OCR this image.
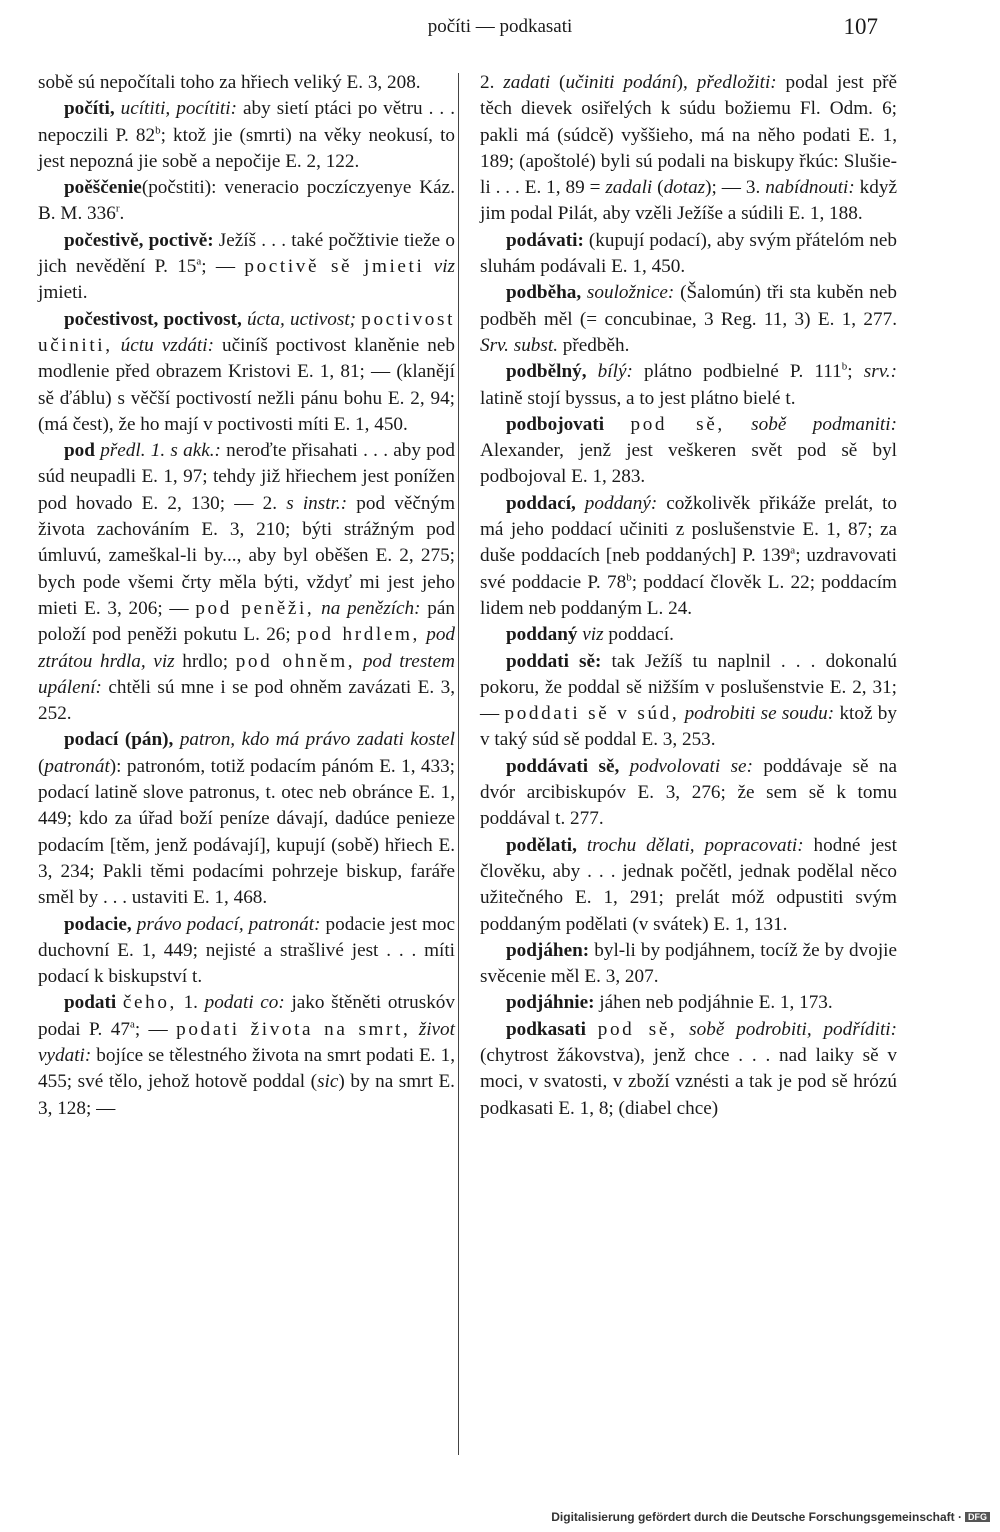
počíti — podkasati	107

sobě sú nepočítali toho za hřiech veliký E. 3, 208.

počíti, ucítiti, pocítiti: aby sietí ptáci po větru . . . nepoczili P. 82$^b$; ktož jie (smrti) na věky neokusí, to jest nepozná jie sobě a nepočije E. 2, 122.

poěščenie(počstiti): veneracio poczíczyenye Káz. B. M. 336$^r$.

počestivě, poctivě: Ježíš . . . také počžtivie tieže o jich nevědění P. 15$^a$; — poctivě sě jmieti viz jmieti.

počestivost, poctivost, úcta, uctivost; poctivost učiniti, úctu vzdáti: učiníš poctivost klaněnie neb modlenie před obrazem Kristovi E. 1, 81; — (klanějí sě ďáblu) s věčší poctivostí nežli pánu bohu E. 2, 94; (má čest), že ho mají v poctivosti míti E. 1, 450.

pod předl. 1. s akk.: neroďte přisahati . . . aby pod súd neupadli E. 1, 97; tehdy již hřiechem jest ponížen pod hovado E. 2, 130; — 2. s instr.: pod věčným života zachováním E. 3, 210; býti strážným pod úmluvú, zameškal-li by..., aby byl oběšen E. 2, 275; bych pode všemi črty měla býti, vždyť mi jest jeho mieti E. 3, 206; — pod peněži, na penězích: pán položí pod peněži pokutu L. 26; pod hrdlem, pod ztrátou hrdla, viz hrdlo; pod ohněm, pod trestem upálení: chtěli sú mne i se pod ohněm zavázati E. 3, 252.

podací (pán), patron, kdo má právo zadati kostel (patronát): patronóm, totiž podacím pánóm E. 1, 433; podací latině slove patronus, t. otec neb obránce E. 1, 449; kdo za úřad boží peníze dávají, dadúce penieze podacím [těm, jenž podávají], kupují (sobě) hřiech E. 3, 234; Pakli těmi podacími pohrzeje biskup, faráře směl by . . . ustaviti E. 1, 468.

podacie, právo podací, patronát: podacie jest moc duchovní E. 1, 449; nejisté a strašlivé jest . . . míti podací k biskupství t.

podati čeho, 1. podati co: jako štěněti otruskóv podai P. 47$^a$; — podati života na smrt, život vydati: bojíce se tělestného života na smrt podati E. 1, 455; své tělo, jehož hotově poddal (sic) by na smrt E. 3, 128; —

2. zadati (učiniti podání), předložiti: podal jest přě těch dievek osiřelých k súdu božiemu Fl. Odm. 6; pakli má (súdcě) vyššieho, má na něho podati E. 1, 189; (apoštolé) byli sú podali na biskupy řkúc: Slušie-li . . . E. 1, 89 = zadali (dotaz); — 3. nabídnouti: když jim podal Pilát, aby vzěli Ježíše a súdili E. 1, 188.

podávati: (kupují podací), aby svým přátelóm neb sluhám podávali E. 1, 450.

podběha, souložnice: (Šalomún) tři sta kuběn neb podběh měl (= concubinae, 3 Reg. 11, 3) E. 1, 277. Srv. subst. předběh.

podbělný, bílý: plátno podbielné P. 111$^b$; srv.: latině stojí byssus, a to jest plátno bielé t.

podbojovati pod sě, sobě podmaniti: Alexander, jenž jest veškeren svět pod sě byl podbojoval E. 1, 283.

poddací, poddaný: cožkolivěk přikáže prelát, to má jeho poddací učiniti z poslušenstvie E. 1, 87; za duše poddacích [neb poddaných] P. 139$^a$; uzdravovati své poddacie P. 78$^b$; poddací člověk L. 22; poddacím lidem neb poddaným L. 24.

poddaný viz poddací.

poddati sě: tak Ježíš tu naplnil . . . dokonalú pokoru, že poddal sě nižším v poslušenstvie E. 2, 31; — poddati sě v súd, podrobiti se soudu: ktož by v taký súd sě poddal E. 3, 253.

poddávati sě, podvolovati se: poddávaje sě na dvór arcibiskupóv E. 3, 276; že sem sě k tomu poddával t. 277.

podělati, trochu dělati, popracovati: hodné jest člověku, aby . . . jednak počětl, jednak podělal něco užitečného E. 1, 291; prelát móž odpustiti svým poddaným podělati (v svátek) E. 1, 131.

podjáhen: byl-li by podjáhnem, tocíž že by dvojie svěcenie měl E. 3, 207.

podjáhnie: jáhen neb podjáhnie E. 1, 173.

podkasati pod sě, sobě podrobiti, podříditi: (chytrost žákovstva), jenž chce . . . nad laiky sě v moci, v svatosti, v zboží vznésti a tak je pod sě hrózú podkasati E. 1, 8; (diabel chce)

Digitalisierung gefördert durch die Deutsche Forschungsgemeinschaft · DFG
